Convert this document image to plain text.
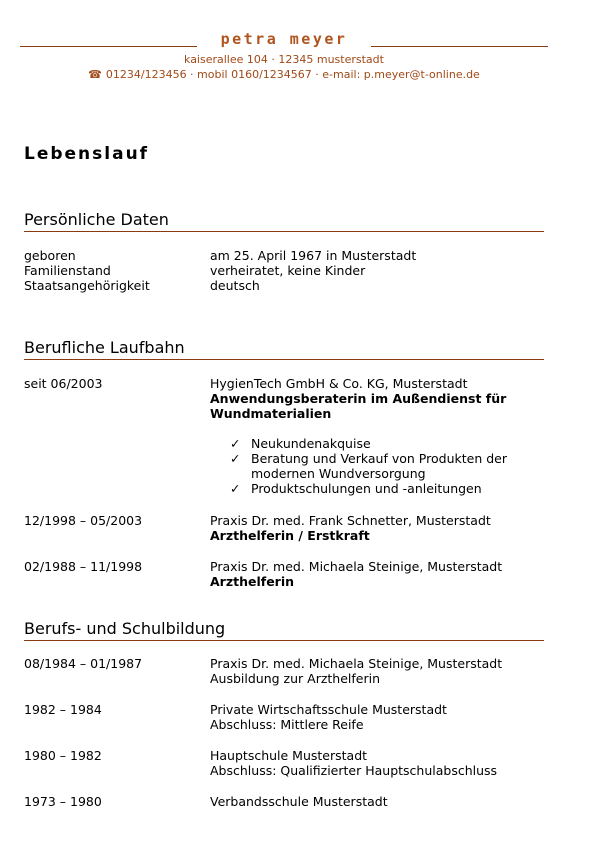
petra meyer
kaiserallee 104 · 12345 musterstadt
☎ 01234/123456 · mobil 0160/1234567 · e-mail: p.meyer@t-online.de
Lebenslauf
Persönliche Daten
geboren	am 25. April 1967 in Musterstadt
Familienstand	verheiratet, keine Kinder
Staatsangehörigkeit	deutsch
Berufliche Laufbahn
seit 06/2003	HygienTech GmbH & Co. KG, Musterstadt
Anwendungsberaterin im Außendienst für Wundmaterialien
✓ Neukundenakquise
✓ Beratung und Verkauf von Produkten der modernen Wundversorgung
✓ Produktschulungen und -anleitungen
12/1998 – 05/2003	Praxis Dr. med. Frank Schnetter, Musterstadt
Arzthelferin / Erstkraft
02/1988 – 11/1998	Praxis Dr. med. Michaela Steinige, Musterstadt
Arzthelferin
Berufs- und Schulbildung
08/1984 – 01/1987	Praxis Dr. med. Michaela Steinige, Musterstadt
Ausbildung zur Arzthelferin
1982 – 1984	Private Wirtschaftsschule Musterstadt
Abschluss: Mittlere Reife
1980 – 1982	Hauptschule Musterstadt
Abschluss: Qualifizierter Hauptschulabschluss
1973 – 1980	Verbandsschule Musterstadt
